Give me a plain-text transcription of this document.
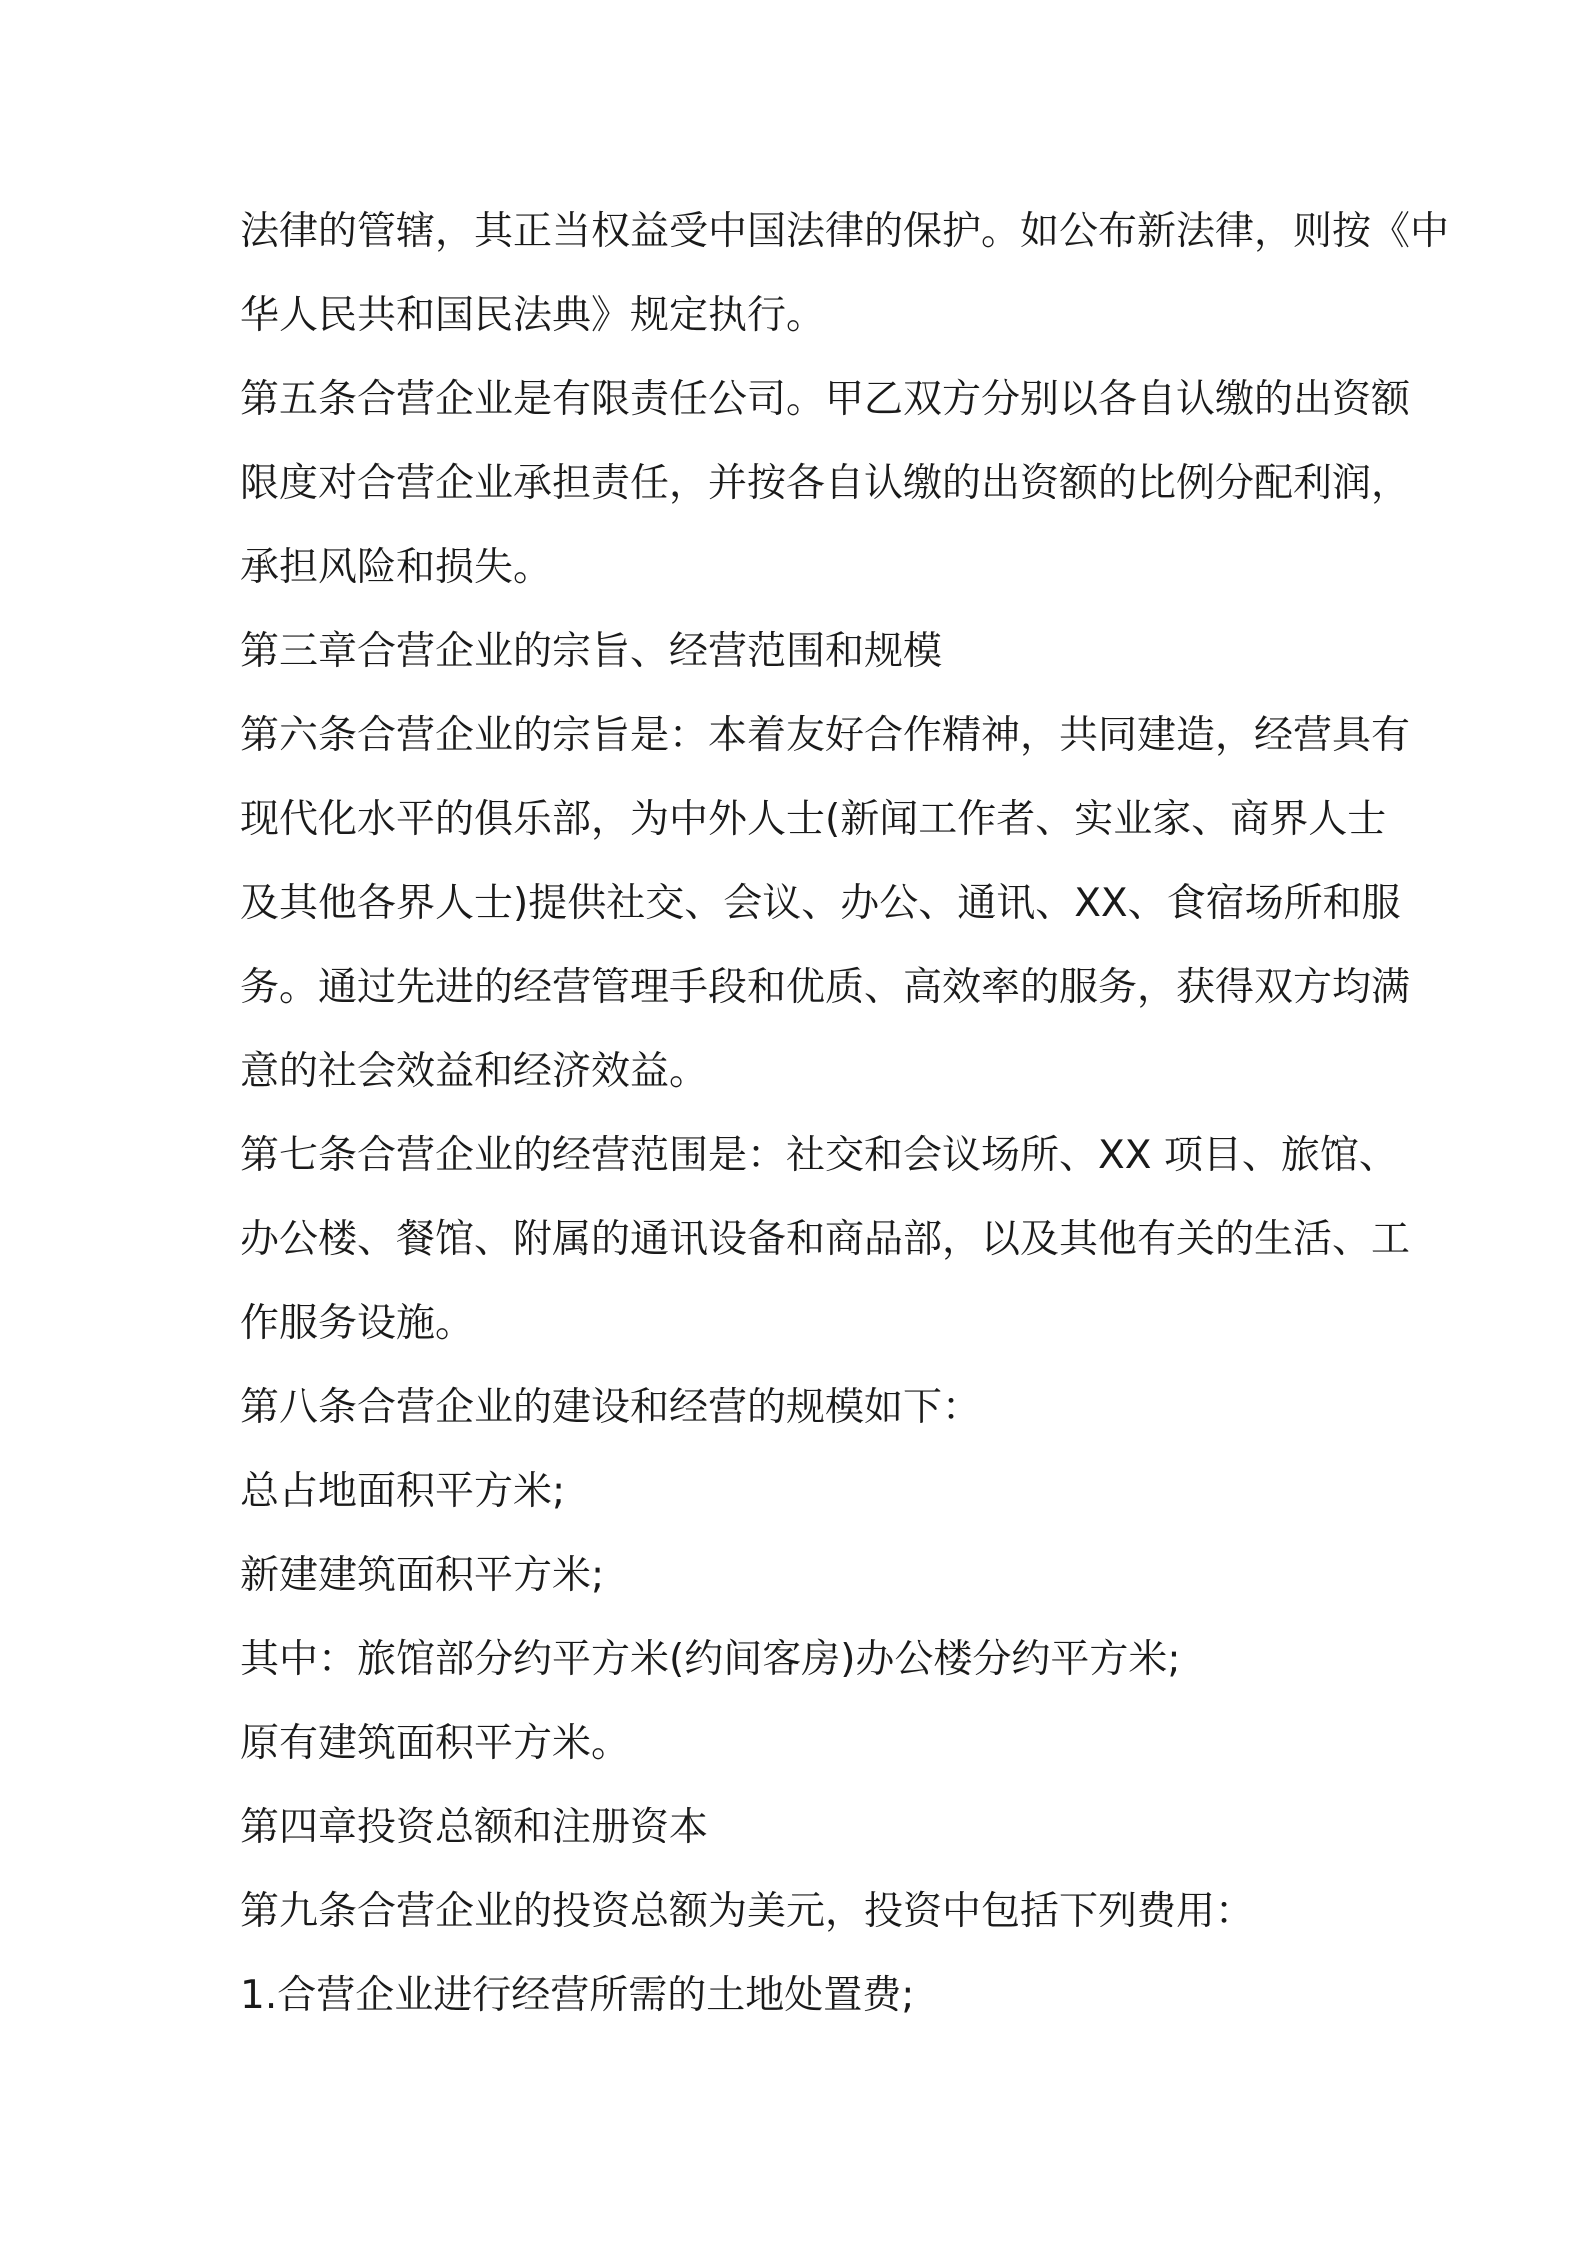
法律的管辖，其正当权益受中国法律的保护。如公布新法律，则按《中
华人民共和国民法典》规定执行。

第五条合营企业是有限责任公司。甲乙双方分别以各自认缴的出资额
限度对合营企业承担责任，并按各自认缴的出资额的比例分配利润，
承担风险和损失。

第三章合营企业的宗旨、经营范围和规模

第六条合营企业的宗旨是：本着友好合作精神，共同建造，经营具有
现代化水平的俱乐部，为中外人士(新闻工作者、实业家、商界人士
及其他各界人士)提供社交、会议、办公、通讯、XX、食宿场所和服
务。通过先进的经营管理手段和优质、高效率的服务，获得双方均满
意的社会效益和经济效益。

第七条合营企业的经营范围是：社交和会议场所、XX 项目、旅馆、
办公楼、餐馆、附属的通讯设备和商品部，以及其他有关的生活、工
作服务设施。

第八条合营企业的建设和经营的规模如下：

总占地面积平方米;

新建建筑面积平方米;

其中：旅馆部分约平方米(约间客房)办公楼分约平方米;

原有建筑面积平方米。

第四章投资总额和注册资本

第九条合营企业的投资总额为美元，投资中包括下列费用：

1.合营企业进行经营所需的土地处置费;
